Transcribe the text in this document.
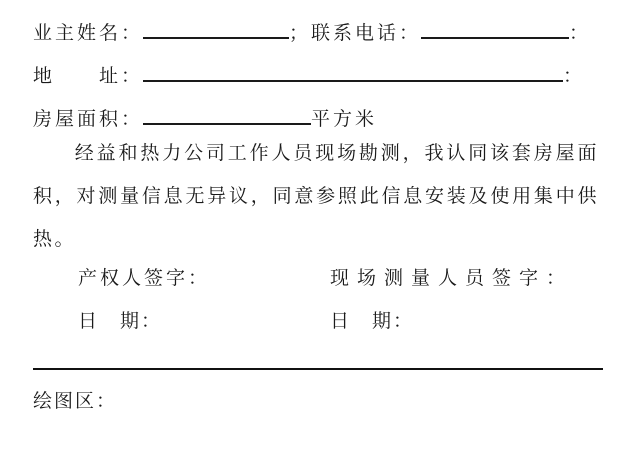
业主姓名：	；联系电话：	：
地　　址：	：
房屋面积：	平方米
经益和热力公司工作人员现场勘测，我认同该套房屋面积，对测量信息无异议，同意参照此信息安装及使用集中供热。
产权人签字：	现场测量人员签字：
日　期：	日　期：
绘图区：
